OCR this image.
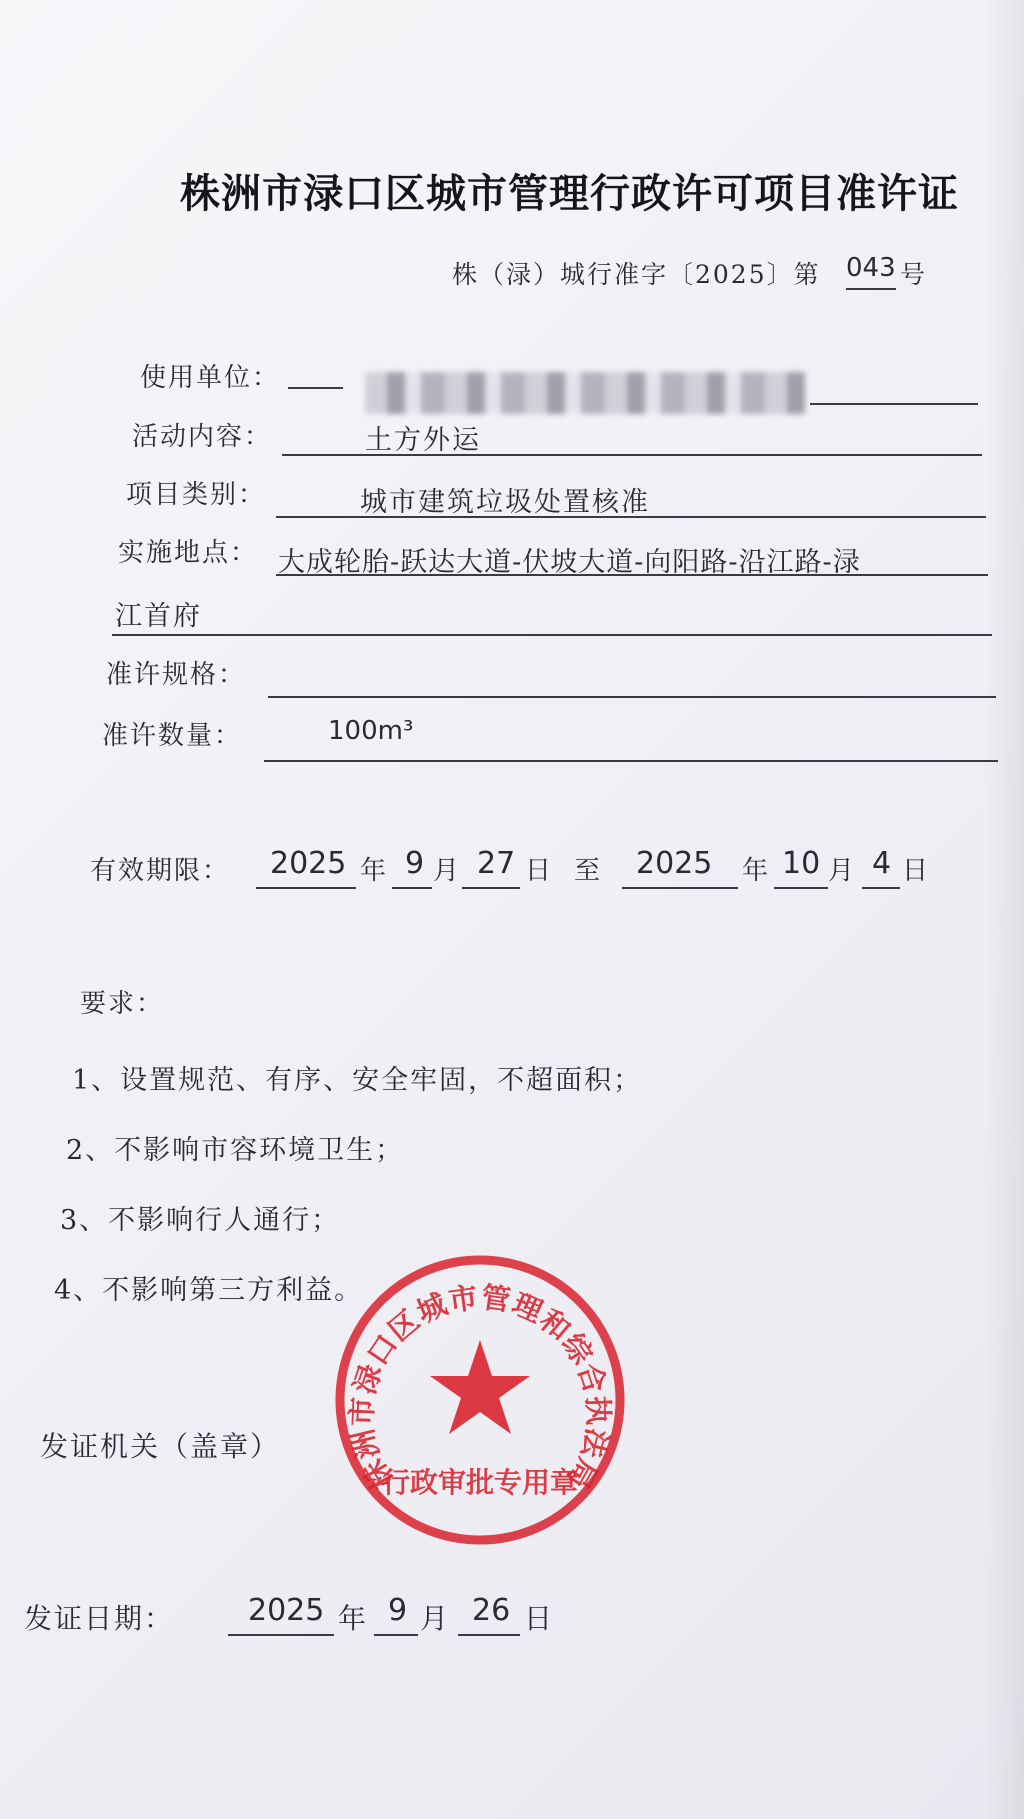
株洲市渌口区城市管理行政许可项目准许证
株（渌）城行准字〔2025〕第 043 号
使用单位：
活动内容：	土方外运
项目类别：	城市建筑垃圾处置核准
实施地点： 大成轮胎-跃达大道-伏坡大道-向阳路-沿江路-渌
江首府
准许规格：
准许数量：	100m³
有效期限： 2025 年 9 月 27 日 至 2025 年 10 月 4 日
要求：
1、设置规范、有序、安全牢固，不超面积；
2、不影响市容环境卫生；
3、不影响行人通行；
4、不影响第三方利益。
发证机关（盖章）
株洲市渌口区城市管理和综合执法局
行政审批专用章
发证日期： 2025 年 9 月 26 日
